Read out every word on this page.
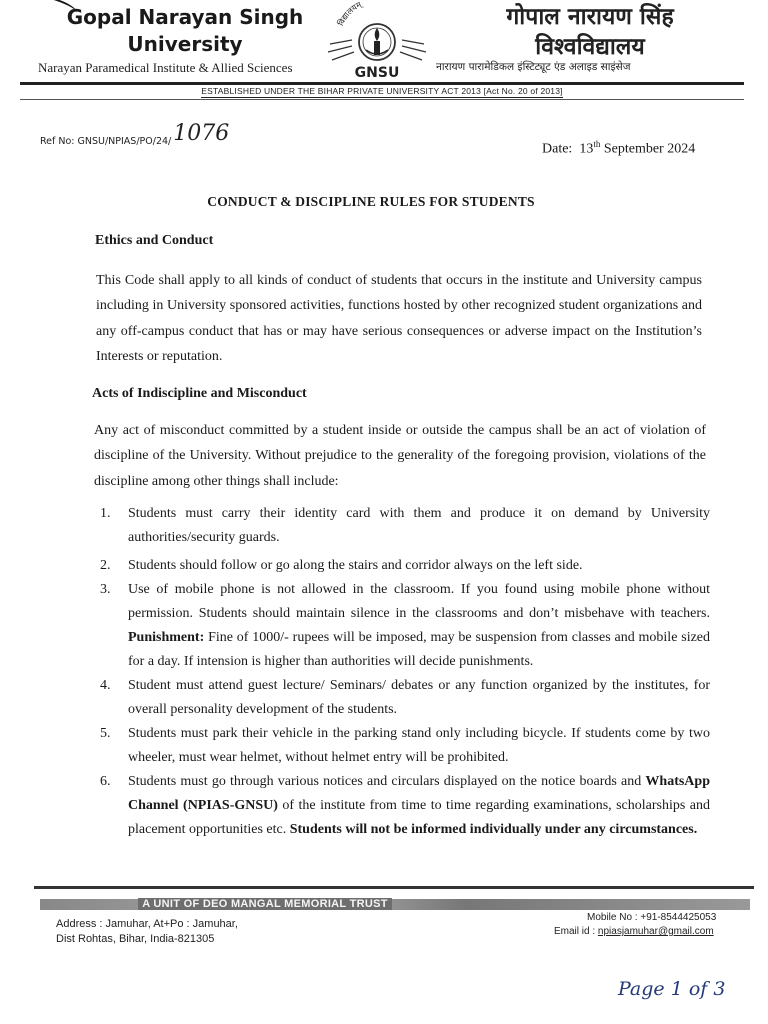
Gopal Narayan Singh
University
Narayan Paramedical Institute & Allied Sciences
विद्यालयम्
GNSU
गोपाल नारायण सिंह
विश्वविद्यालय
नारायण पारामेडिकल इंस्टिट्यूट एंड अलाइड साइंसेज
ESTABLISHED UNDER THE BIHAR PRIVATE UNIVERSITY ACT 2013 [Act No. 20 of 2013]
Ref No: GNSU/NPIAS/PO/24/1076
Date: 13th September 2024
CONDUCT & DISCIPLINE RULES FOR STUDENTS
Ethics and Conduct
This Code shall apply to all kinds of conduct of students that occurs in the institute and University campus including in University sponsored activities, functions hosted by other recognized student organizations and any off-campus conduct that has or may have serious consequences or adverse impact on the Institution’s Interests or reputation.
Acts of Indiscipline and Misconduct
Any act of misconduct committed by a student inside or outside the campus shall be an act of violation of discipline of the University. Without prejudice to the generality of the foregoing provision, violations of the discipline among other things shall include:
1. Students must carry their identity card with them and produce it on demand by University authorities/security guards.
2. Students should follow or go along the stairs and corridor always on the left side.
3. Use of mobile phone is not allowed in the classroom. If you found using mobile phone without permission. Students should maintain silence in the classrooms and don’t misbehave with teachers. Punishment: Fine of 1000/- rupees will be imposed, may be suspension from classes and mobile sized for a day. If intension is higher than authorities will decide punishments.
4. Student must attend guest lecture/ Seminars/ debates or any function organized by the institutes, for overall personality development of the students.
5. Students must park their vehicle in the parking stand only including bicycle. If students come by two wheeler, must wear helmet, without helmet entry will be prohibited.
6. Students must go through various notices and circulars displayed on the notice boards and WhatsApp Channel (NPIAS-GNSU) of the institute from time to time regarding examinations, scholarships and placement opportunities etc. Students will not be informed individually under any circumstances.
A UNIT OF DEO MANGAL MEMORIAL TRUST
Address : Jamuhar, At+Po : Jamuhar,
Dist Rohtas, Bihar, India-821305
Mobile No : +91-8544425053
Email id : npiasjamuhar@gmail.com
Page 1 of 3
